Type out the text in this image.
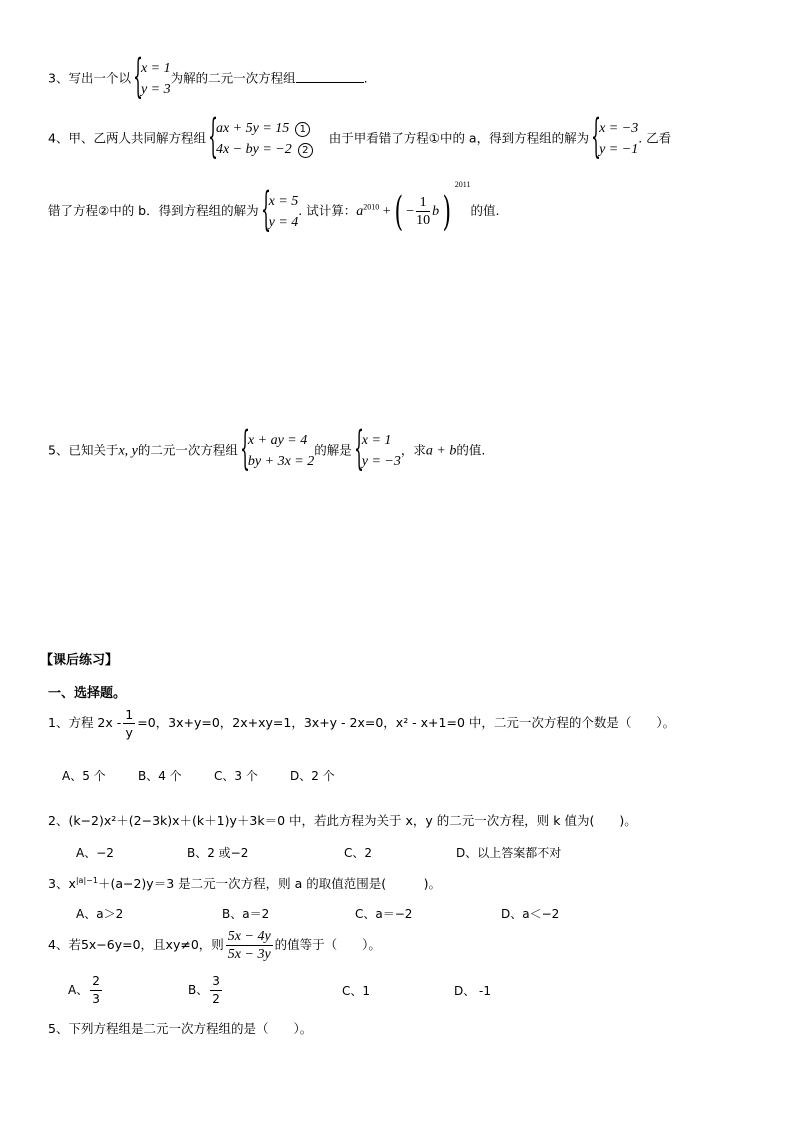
3、写出一个以 {
x = 1
y = 3
为解的二元一次方程组	.
4、甲、乙两人共同解方程组 {
ax + 5y = 15 1
4x − by = −2 2
由于甲看错了方程①中的 a，得到方程组的解为 {
x = −3
y = −1
. 乙看
错了方程②中的 b．得到方程组的解为 {
x = 5
y = 4
. 试计算：$a^{2010}$ +( − $\frac{1}{10} b)^{2011}$的值.
5、已知关于x, y的二元一次方程组 {
x + ay = 4
by + 3x = 2
的解是 {
x = 1
y = −3
，求a + b的值.
【课后练习】
一、选择题。
1、方程 $2x - \frac{1}{y} =0$，3x+y=0，2x+xy=1，3x+y - 2x=0，x² - x+1=0 中，二元一次方程的个数是（　　）。
A、5 个	B、4 个	C、3 个	D、2 个
2、(k−2)x²＋(2−3k)x＋(k＋1)y＋3k＝0 中，若此方程为关于 x，y 的二元一次方程，则 k 值为(　　)。
A、−2	B、2 或−2	C、2	D、以上答案都不对
3、$x^{|a|-1}+(a-2)y=3$ 是二元一次方程，则 a 的取值范围是(　　　)。
A、a＞2	B、a＝2	C、a＝−2	D、a＜−2
4、若5x−6y=0，且xy≠0，则 $\frac{5x - 4y}{5x - 3y}$ 的值等于（　　）。
A、 $\frac{2}{3}$	B、 $\frac{3}{2}$	C、1	D、 -1
5、下列方程组是二元一次方程组的是（　　）。
